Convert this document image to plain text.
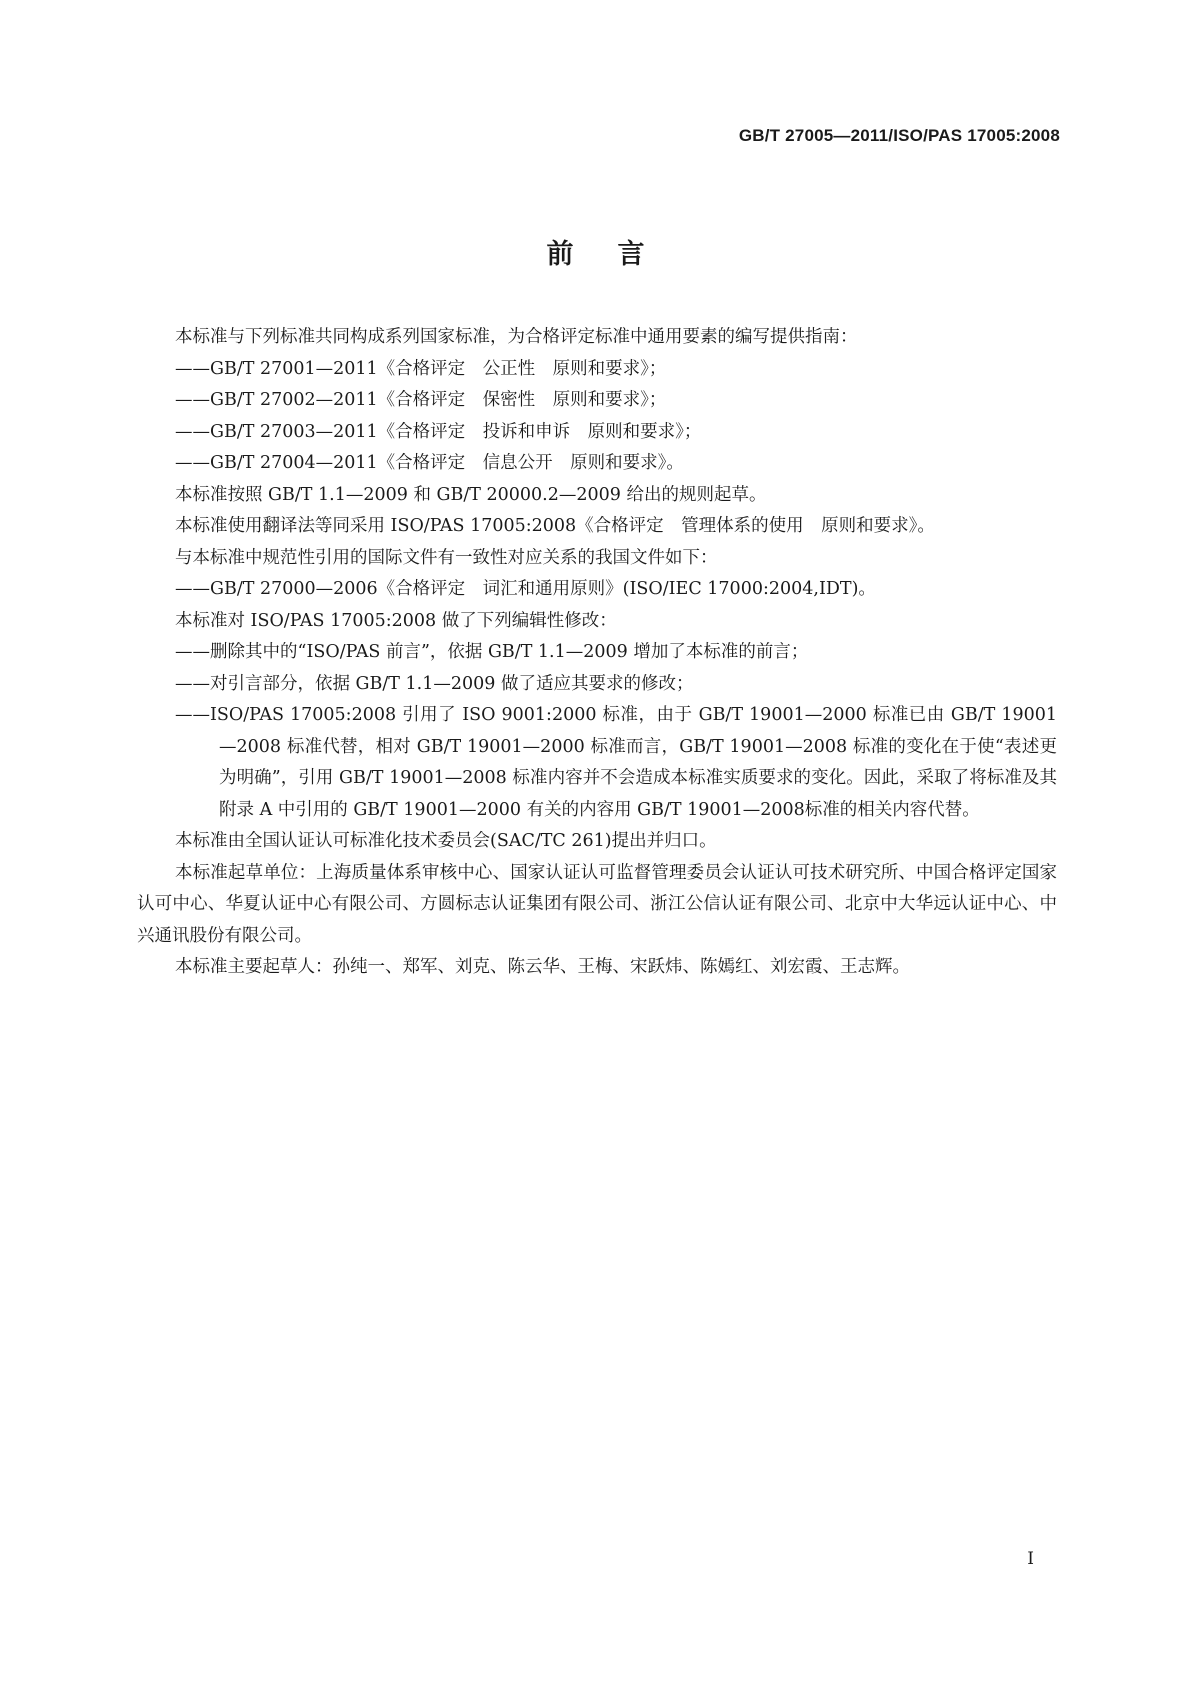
GB/T 27005—2011/ISO/PAS 17005:2008
前言

本标准与下列标准共同构成系列国家标准，为合格评定标准中通用要素的编写提供指南：

——GB/T 27001—2011《合格评定　公正性　原则和要求》；

——GB/T 27002—2011《合格评定　保密性　原则和要求》；

——GB/T 27003—2011《合格评定　投诉和申诉　原则和要求》；

——GB/T 27004—2011《合格评定　信息公开　原则和要求》。

本标准按照 GB/T 1.1—2009 和 GB/T 20000.2—2009 给出的规则起草。

本标准使用翻译法等同采用 ISO/PAS 17005:2008《合格评定　管理体系的使用　原则和要求》。

与本标准中规范性引用的国际文件有一致性对应关系的我国文件如下：

——GB/T 27000—2006《合格评定　词汇和通用原则》(ISO/IEC 17000:2004,IDT)。

本标准对 ISO/PAS 17005:2008 做了下列编辑性修改：

——删除其中的“ISO/PAS 前言”，依据 GB/T 1.1—2009 增加了本标准的前言；

——对引言部分，依据 GB/T 1.1—2009 做了适应其要求的修改；

——ISO/PAS 17005:2008 引用了 ISO 9001:2000 标准，由于 GB/T 19001—2000 标准已由 GB/T 19001—2008 标准代替，相对 GB/T 19001—2000 标准而言，GB/T 19001—2008 标准的变化在于使“表述更为明确”，引用 GB/T 19001—2008 标准内容并不会造成本标准实质要求的变化。因此，采取了将标准及其附录 A 中引用的 GB/T 19001—2000 有关的内容用 GB/T 19001—2008标准的相关内容代替。

本标准由全国认证认可标准化技术委员会(SAC/TC 261)提出并归口。

本标准起草单位：上海质量体系审核中心、国家认证认可监督管理委员会认证认可技术研究所、中国合格评定国家认可中心、华夏认证中心有限公司、方圆标志认证集团有限公司、浙江公信认证有限公司、北京中大华远认证中心、中兴通讯股份有限公司。

本标准主要起草人：孙纯一、郑军、刘克、陈云华、王梅、宋跃炜、陈嫣红、刘宏霞、王志辉。

I
